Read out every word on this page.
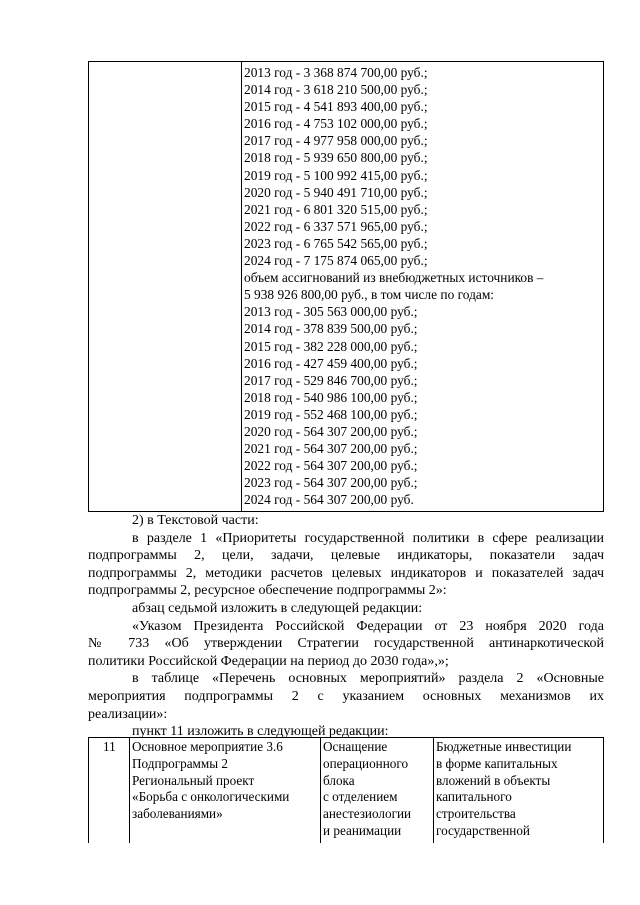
2013 год - 3 368 874 700,00 руб.;
2014 год - 3 618 210 500,00 руб.;
2015 год - 4 541 893 400,00 руб.;
2016 год - 4 753 102 000,00 руб.;
2017 год - 4 977 958 000,00 руб.;
2018 год - 5 939 650 800,00 руб.;
2019 год - 5 100 992 415,00 руб.;
2020 год - 5 940 491 710,00 руб.;
2021 год - 6 801 320 515,00 руб.;
2022 год - 6 337 571 965,00 руб.;
2023 год - 6 765 542 565,00 руб.;
2024 год - 7 175 874 065,00 руб.;
объем ассигнований из внебюджетных источников –
5 938 926 800,00 руб., в том числе по годам:
2013 год - 305 563 000,00 руб.;
2014 год - 378 839 500,00 руб.;
2015 год - 382 228 000,00 руб.;
2016 год - 427 459 400,00 руб.;
2017 год - 529 846 700,00 руб.;
2018 год - 540 986 100,00 руб.;
2019 год - 552 468 100,00 руб.;
2020 год - 564 307 200,00 руб.;
2021 год - 564 307 200,00 руб.;
2022 год - 564 307 200,00 руб.;
2023 год - 564 307 200,00 руб.;
2024 год - 564 307 200,00 руб.
2) в Текстовой части:
в разделе 1 «Приоритеты государственной политики в сфере реализации
подпрограммы 2, цели, задачи, целевые индикаторы, показатели задач
подпрограммы 2, методики расчетов целевых индикаторов и показателей задач
подпрограммы 2, ресурсное обеспечение подпрограммы 2»:
абзац седьмой изложить в следующей редакции:
«Указом Президента Российской Федерации от 23 ноября 2020 года
№ 733 «Об утверждении Стратегии государственной антинаркотической
политики Российской Федерации на период до 2030 года»,»;
в таблице «Перечень основных мероприятий» раздела 2 «Основные
мероприятия подпрограммы 2 с указанием основных механизмов их
реализации»:
пункт 11 изложить в следующей редакции:
11 Основное мероприятие 3.6
Подпрограммы 2
Региональный проект
«Борьба с онкологическими
заболеваниями»
Оснащение
операционного
блока
с отделением
анестезиологии
и реанимации
Бюджетные инвестиции
в форме капитальных
вложений в объекты
капитального
строительства
государственной
